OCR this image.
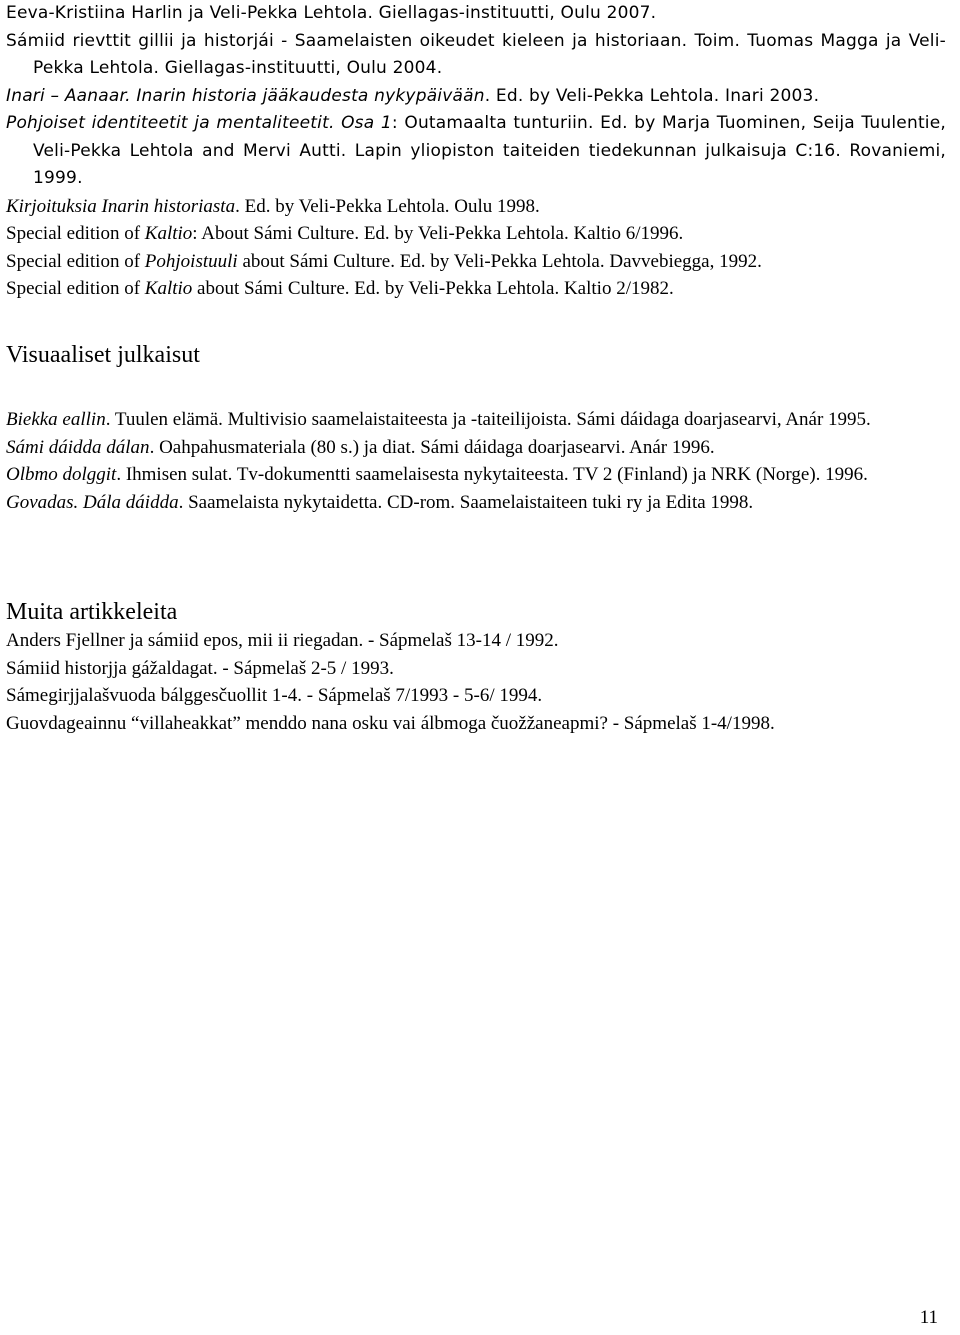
Eeva-Kristiina Harlin ja Veli-Pekka Lehtola. Giellagas-instituutti, Oulu 2007.

Sámiid rievttit gillii ja historjái - Saamelaisten oikeudet kieleen ja historiaan. Toim. Tuomas Magga ja Veli-Pekka Lehtola. Giellagas-instituutti, Oulu 2004.

Inari – Aanaar. Inarin historia jääkaudesta nykypäivään. Ed. by Veli-Pekka Lehtola. Inari 2003.

Pohjoiset identiteetit ja mentaliteetit. Osa 1: Outamaalta tunturiin. Ed. by Marja Tuominen, Seija Tuulentie, Veli-Pekka Lehtola and Mervi Autti. Lapin yliopiston taiteiden tiedekunnan julkaisuja C:16. Rovaniemi, 1999.

Kirjoituksia Inarin historiasta. Ed. by Veli-Pekka Lehtola. Oulu 1998.

Special edition of Kaltio: About Sámi Culture. Ed. by Veli-Pekka Lehtola. Kaltio 6/1996.

Special edition of Pohjoistuuli about Sámi Culture. Ed. by Veli-Pekka Lehtola. Davvebiegga, 1992.

Special edition of Kaltio about Sámi Culture. Ed. by Veli-Pekka Lehtola. Kaltio 2/1982.

Visuaaliset julkaisut

Biekka eallin. Tuulen elämä. Multivisio saamelaistaiteesta ja -taiteilijoista. Sámi dáidaga doarjasearvi, Anár 1995.

Sámi dáidda dálan. Oahpahusmateriala (80 s.) ja diat. Sámi dáidaga doarjasearvi. Anár 1996.

Olbmo dolggit. Ihmisen sulat. Tv-dokumentti saamelaisesta nykytaiteesta. TV 2 (Finland) ja NRK (Norge). 1996.

Govadas. Dála dáidda. Saamelaista nykytaidetta. CD-rom. Saamelaistaiteen tuki ry ja Edita 1998.

Muita artikkeleita

Anders Fjellner ja sámiid epos, mii ii riegadan. - Sápmelaš 13-14 / 1992.

Sámiid historjja gážaldagat. - Sápmelaš 2-5 / 1993.

Sámegirjjalašvuoda bálggesčuollit 1-4. - Sápmelaš 7/1993 - 5-6/ 1994.

Guovdageainnu “villaheakkat” menddo nana osku vai álbmoga čuožžaneapmi? - Sápmelaš 1-4/1998.

11
